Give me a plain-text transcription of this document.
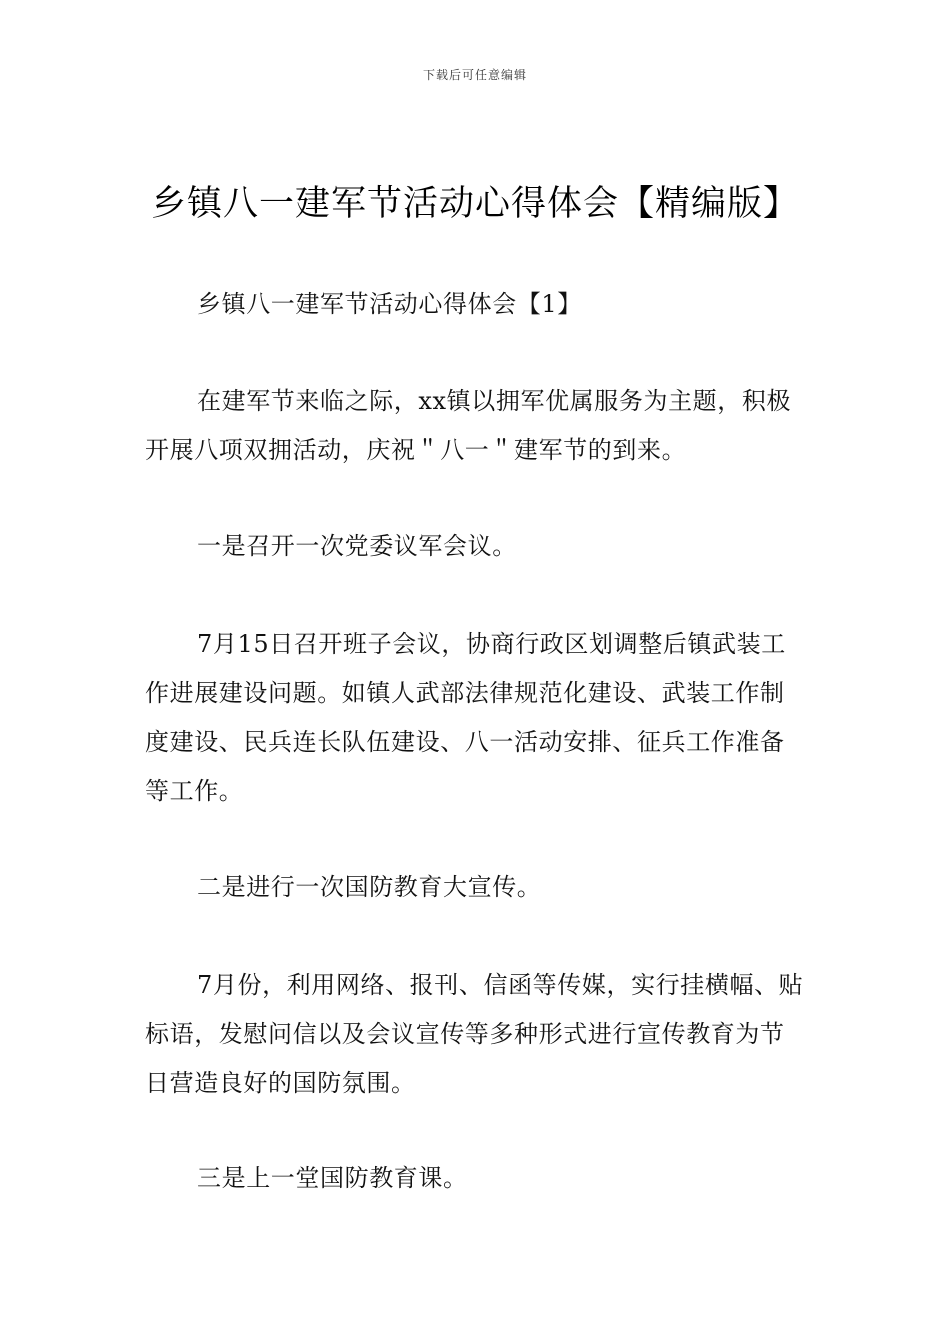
下载后可任意编辑
乡镇八一建军节活动心得体会【精编版】

乡镇八一建军节活动心得体会【1】

在建军节来临之际，xx镇以拥军优属服务为主题，积极开展八项双拥活动，庆祝＂八一＂建军节的到来。

一是召开一次党委议军会议。

7月15日召开班子会议，协商行政区划调整后镇武装工作进展建设问题。如镇人武部法律规范化建设、武装工作制度建设、民兵连长队伍建设、八一活动安排、征兵工作准备等工作。

二是进行一次国防教育大宣传。

7月份，利用网络、报刊、信函等传媒，实行挂横幅、贴标语，发慰问信以及会议宣传等多种形式进行宣传教育为节日营造良好的国防氛围。

三是上一堂国防教育课。
